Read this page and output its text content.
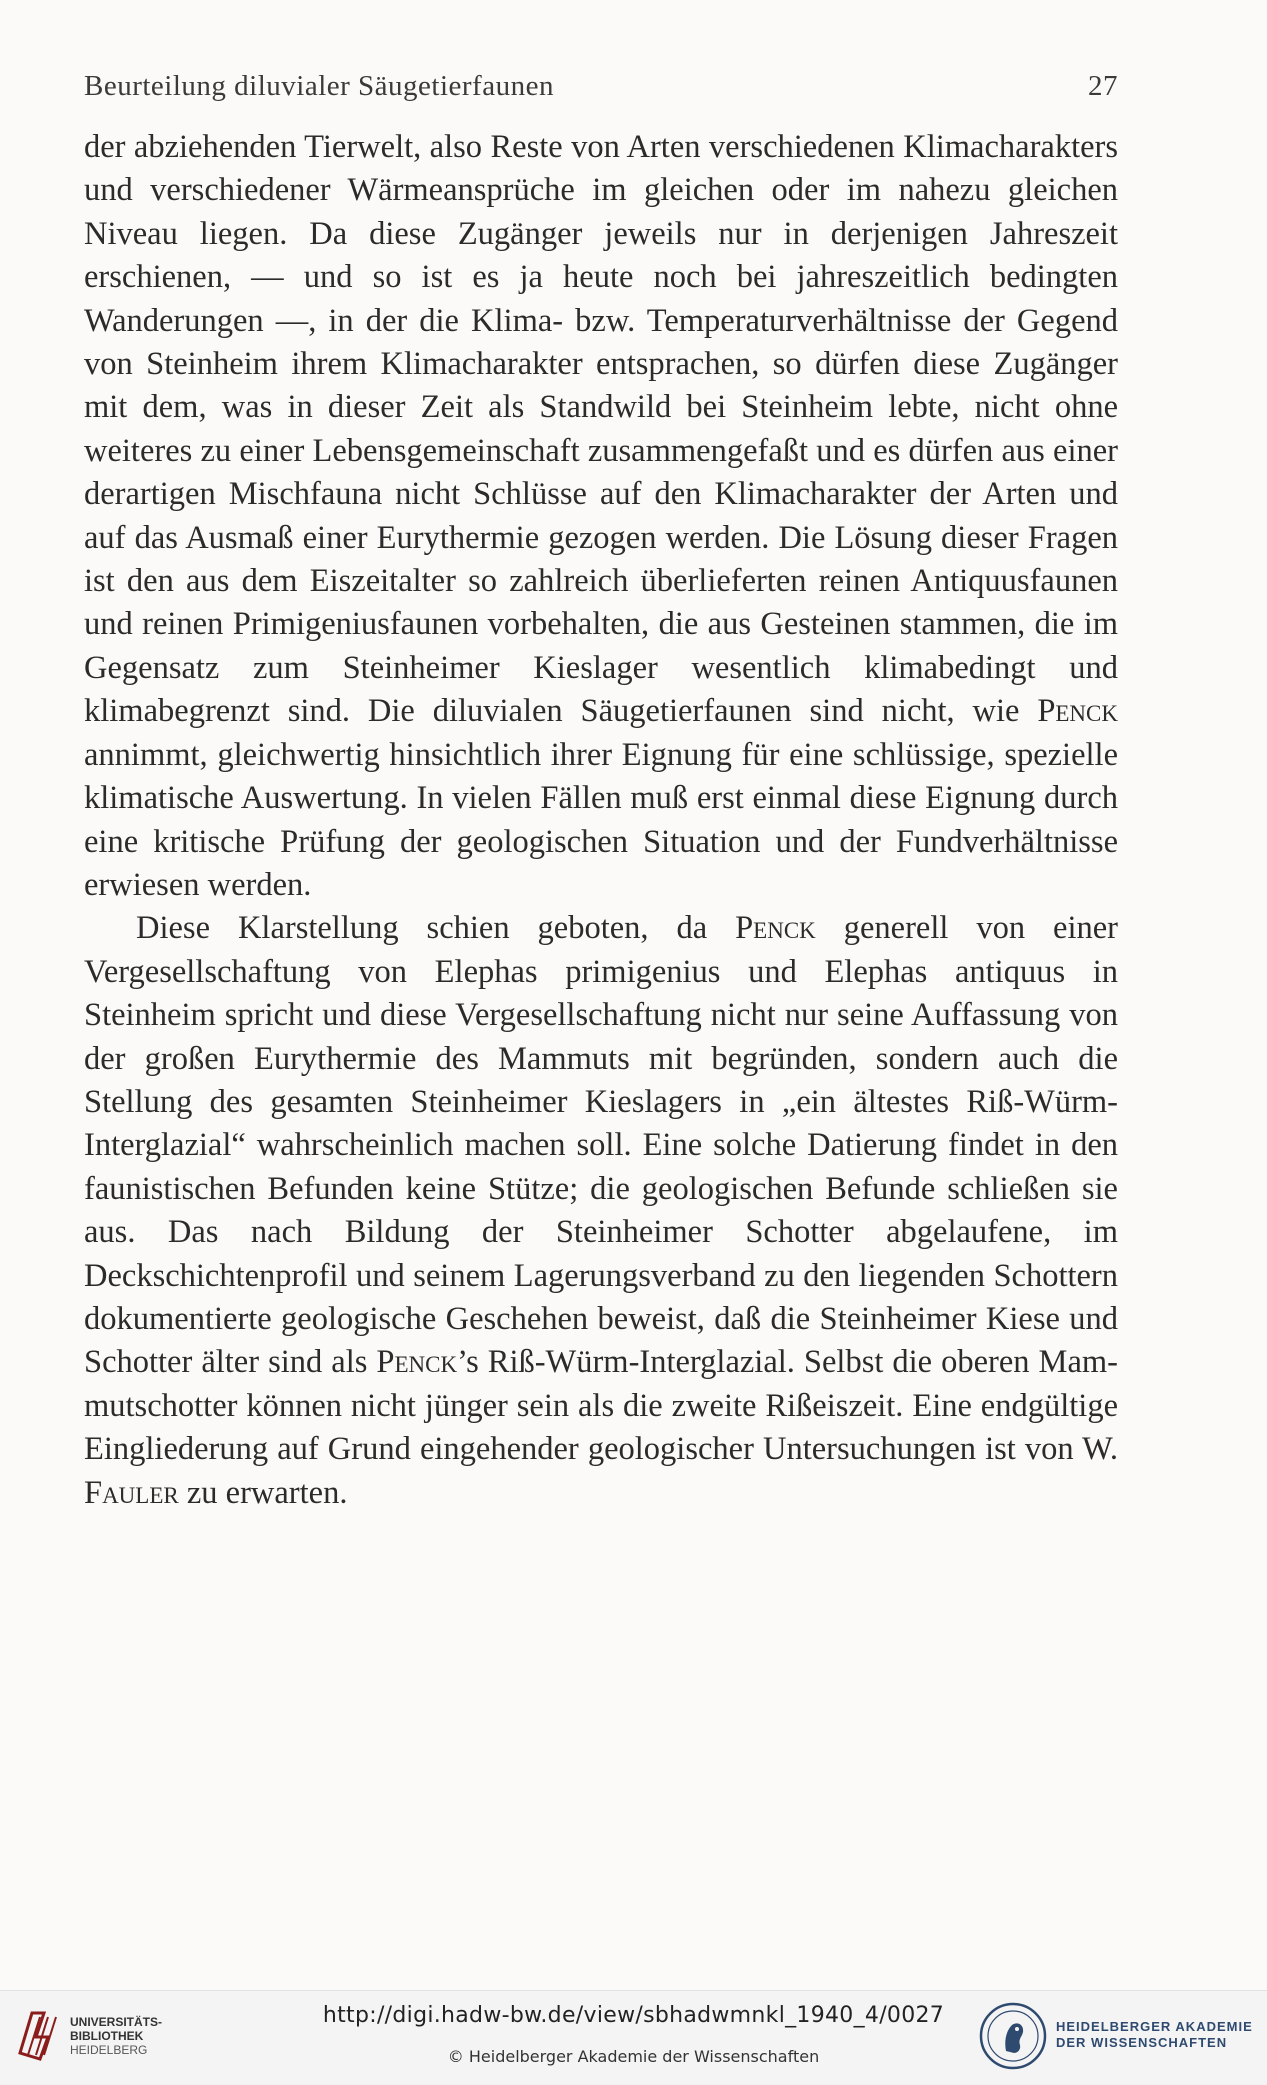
Beurteilung diluvialer Säugetierfaunen	27

der abziehenden Tierwelt, also Reste von Arten verschiedenen Klimacharakters und verschiedener Wärmeansprüche im gleichen oder im nahezu gleichen Niveau liegen. Da diese Zugänger jeweils nur in derjenigen Jahreszeit erschienen, — und so ist es ja heute noch bei jahreszeitlich bedingten Wanderungen —, in der die Klima- bzw. Temperaturverhältnisse der Gegend von Steinheim ihrem Klimacharakter entsprachen, so dürfen diese Zugänger mit dem, was in dieser Zeit als Standwild bei Steinheim lebte, nicht ohne weiteres zu einer Lebensgemeinschaft zusammengefaßt und es dürfen aus einer derartigen Mischfauna nicht Schlüsse auf den Klimacharakter der Arten und auf das Ausmaß einer Eurythermie gezogen werden. Die Lösung dieser Fragen ist den aus dem Eiszeitalter so zahlreich überlieferten reinen Antiquusfaunen und reinen Primigeniusfaunen vorbehalten, die aus Gesteinen stammen, die im Gegensatz zum Steinheimer Kieslager wesentlich klimabedingt und klimabegrenzt sind. Die diluvialen Säugetierfaunen sind nicht, wie Penck annimmt, gleichwertig hinsichtlich ihrer Eignung für eine schlüssige, spezielle klimatische Auswertung. In vielen Fällen muß erst einmal diese Eignung durch eine kritische Prüfung der geologischen Situation und der Fundverhältnisse erwiesen werden.

Diese Klarstellung schien geboten, da Penck generell von einer Vergesellschaftung von Elephas primigenius und Elephas antiquus in Steinheim spricht und diese Vergesellschaftung nicht nur seine Auffassung von der großen Eurythermie des Mammuts mit begründen, sondern auch die Stellung des gesamten Steinheimer Kieslagers in „ein ältestes Riß-Würm-Interglazial“ wahrscheinlich machen soll. Eine solche Datierung findet in den faunistischen Befunden keine Stütze; die geologischen Befunde schließen sie aus. Das nach Bildung der Steinheimer Schotter abgelaufene, im Deckschichtenprofil und seinem Lagerungsverband zu den liegenden Schottern dokumentierte geologische Geschehen beweist, daß die Steinheimer Kiese und Schotter älter sind als Penck’s Riß-Würm-Interglazial. Selbst die oberen Mammutschotter können nicht jünger sein als die zweite Rißeiszeit. Eine endgültige Eingliederung auf Grund eingehender geologischer Untersuchungen ist von W. Fauler zu erwarten.

UNIVERSITÄTS-
BIBLIOTHEK
HEIDELBERG
http://digi.hadw-bw.de/view/sbhadwmnkl_1940_4/0027
© Heidelberger Akademie der Wissenschaften
HEIDELBERGER AKADEMIE
DER WISSENSCHAFTEN
